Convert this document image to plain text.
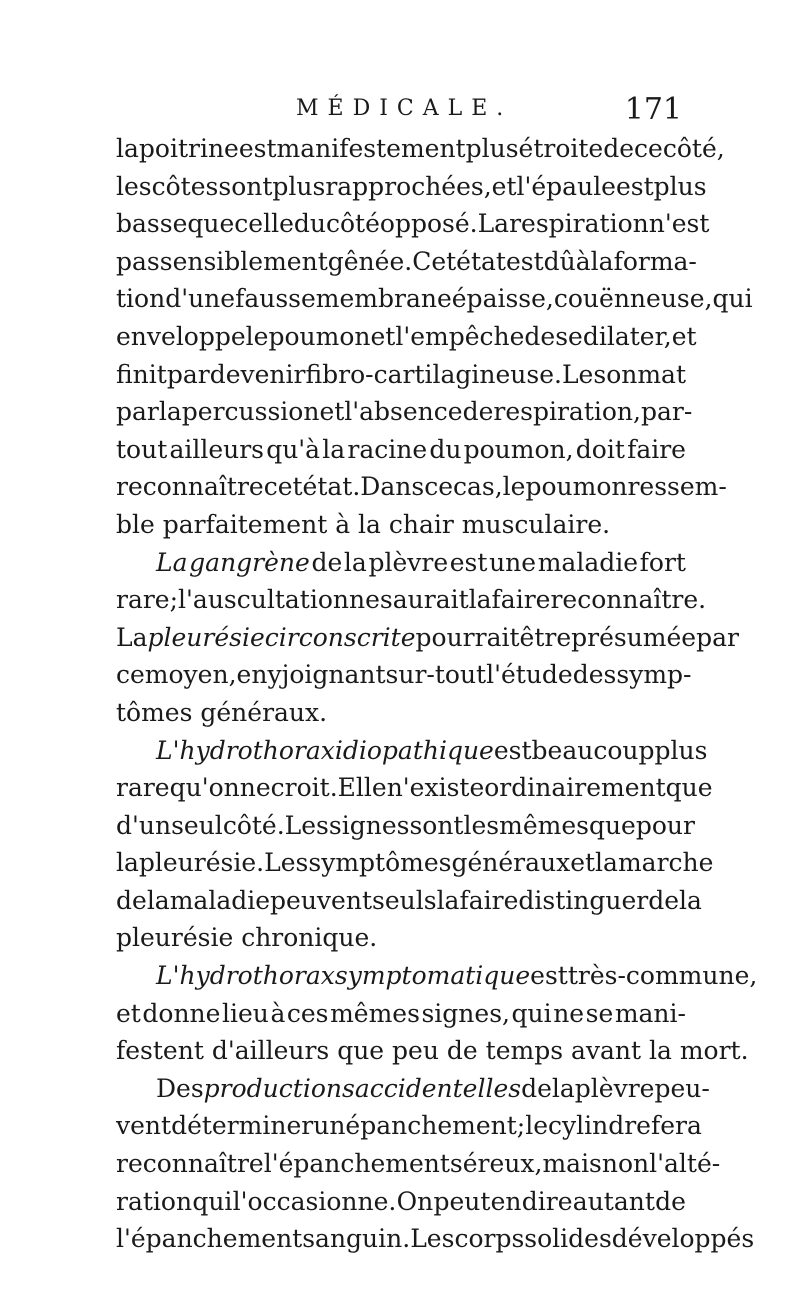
MÉDICALE.	171
la poitrine est manifestement plus étroite de ce côté,
les côtes sont plus rapprochées, et l'épaule est plus
basse que celle du côté opposé. La respiration n'est
pas sensiblement gênée. Cet état est dû à la forma-
tion d'une fausse membrane épaisse, couënneuse, qui
enveloppe le poumon et l'empêche de se dilater, et
finit par devenir fibro-cartilagineuse. Le son mat
par la percussion et l'absence de respiration, par-
tout ailleurs qu'à la racine du poumon, doit faire
reconnaître cet état. Dans ce cas, le poumon ressem-
ble parfaitement à la chair musculaire.
La gangrène de la plèvre est une maladie fort
rare ; l'auscultation ne saurait la faire reconnaître.
La pleurésie circonscrite pourrait être présumée par
ce moyen, en y joignant sur-tout l'étude des symp-
tômes généraux.
L'hydrothorax idiopathique est beaucoup plus
rare qu'on ne croit. Elle n'existe ordinairement que
d'un seul côté. Les signes sont les mêmes que pour
la pleurésie. Les symptômes généraux et la marche
de la maladie peuvent seuls la faire distinguer de la
pleurésie chronique.
L'hydrothorax symptomatique est très-commune,
et donne lieu à ces mêmes signes, qui ne se mani-
festent d'ailleurs que peu de temps avant la mort.
Des productions accidentelles de la plèvre peu-
vent déterminer un épanchement; le cylindre fera
reconnaître l'épanchement séreux, mais non l'alté-
ration qui l'occasionne. On peut en dire autant de
l'épanchement sanguin. Les corps solides développés
